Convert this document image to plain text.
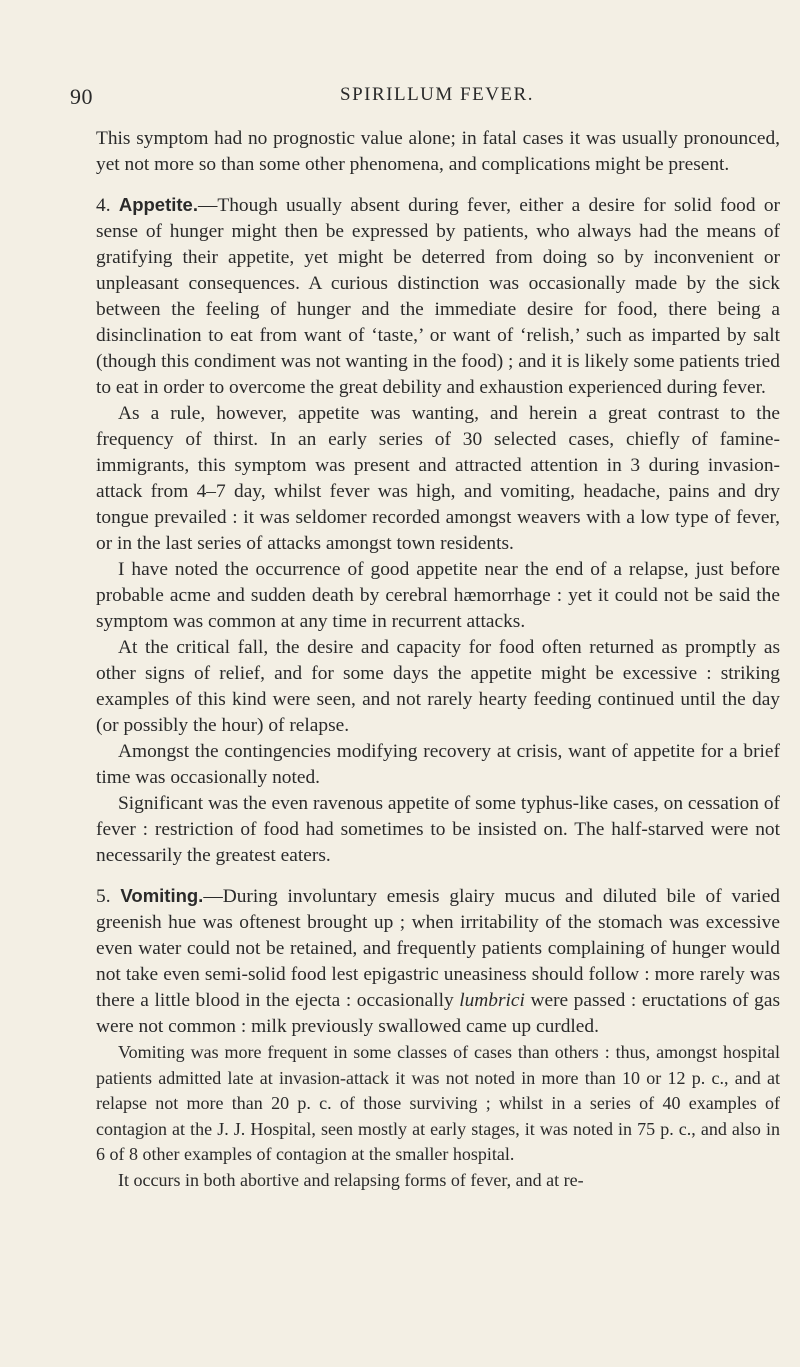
90	SPIRILLUM FEVER.

This symptom had no prognostic value alone; in fatal cases it was usually pronounced, yet not more so than some other phenomena, and complications might be present.

4. Appetite.—Though usually absent during fever, either a desire for solid food or sense of hunger might then be expressed by patients, who always had the means of gratifying their appetite, yet might be deterred from doing so by inconvenient or unpleasant consequences. A curious distinction was occasionally made by the sick between the feeling of hunger and the immediate desire for food, there being a disinclination to eat from want of ‘taste,’ or want of ‘relish,’ such as imparted by salt (though this condiment was not wanting in the food) ; and it is likely some patients tried to eat in order to overcome the great debility and exhaustion experienced during fever.

As a rule, however, appetite was wanting, and herein a great contrast to the frequency of thirst. In an early series of 30 selected cases, chiefly of famine-immigrants, this symptom was present and attracted attention in 3 during invasion-attack from 4–7 day, whilst fever was high, and vomiting, headache, pains and dry tongue prevailed : it was seldomer recorded amongst weavers with a low type of fever, or in the last series of attacks amongst town residents.

I have noted the occurrence of good appetite near the end of a relapse, just before probable acme and sudden death by cerebral hæmorrhage : yet it could not be said the symptom was common at any time in recurrent attacks.

At the critical fall, the desire and capacity for food often returned as promptly as other signs of relief, and for some days the appetite might be excessive : striking examples of this kind were seen, and not rarely hearty feeding continued until the day (or possibly the hour) of relapse.

Amongst the contingencies modifying recovery at crisis, want of appetite for a brief time was occasionally noted.

Significant was the even ravenous appetite of some typhus-like cases, on cessation of fever : restriction of food had sometimes to be insisted on. The half-starved were not necessarily the greatest eaters.

5. Vomiting.—During involuntary emesis glairy mucus and diluted bile of varied greenish hue was oftenest brought up ; when irritability of the stomach was excessive even water could not be retained, and frequently patients complaining of hunger would not take even semi-solid food lest epigastric uneasiness should follow : more rarely was there a little blood in the ejecta : occasionally lumbrici were passed : eructations of gas were not common : milk previously swallowed came up curdled.

Vomiting was more frequent in some classes of cases than others : thus, amongst hospital patients admitted late at invasion-attack it was not noted in more than 10 or 12 p. c., and at relapse not more than 20 p. c. of those surviving ; whilst in a series of 40 examples of contagion at the J. J. Hospital, seen mostly at early stages, it was noted in 75 p. c., and also in 6 of 8 other examples of contagion at the smaller hospital.

It occurs in both abortive and relapsing forms of fever, and at re-
